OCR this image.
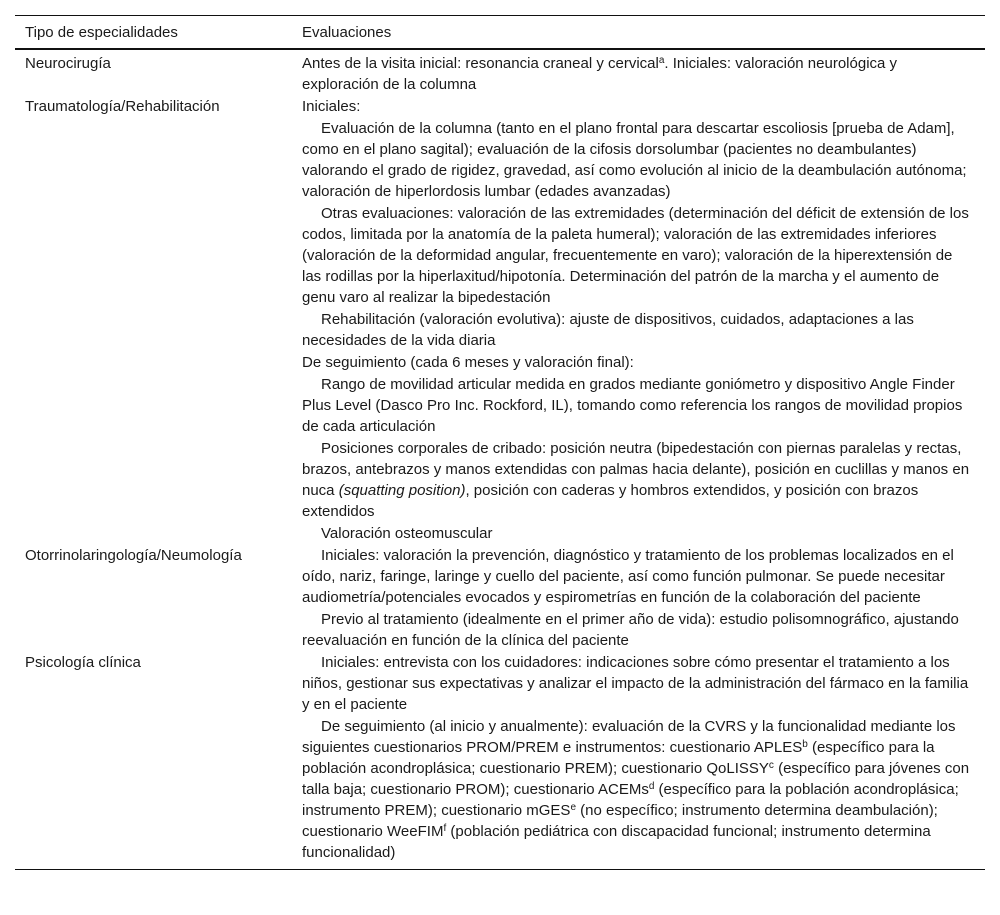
Tipo de especialidades	Evaluaciones
Neurocirugía	Antes de la visita inicial: resonancia craneal y cervical$^a$. Iniciales: valoración neurológica y exploración de la columna

Traumatología/Rehabilitación	Iniciales:
Evaluación de la columna (tanto en el plano frontal para descartar escoliosis [prueba de Adam], como en el plano sagital); evaluación de la cifosis dorsolumbar (pacientes no deambulantes) valorando el grado de rigidez, gravedad, así como evolución al inicio de la deambulación autónoma; valoración de hiperlordosis lumbar (edades avanzadas)
Otras evaluaciones: valoración de las extremidades (determinación del déficit de extensión de los codos, limitada por la anatomía de la paleta humeral); valoración de las extremidades inferiores (valoración de la deformidad angular, frecuentemente en varo); valoración de la hiperextensión de las rodillas por la hiperlaxitud/hipotonía. Determinación del patrón de la marcha y el aumento de genu varo al realizar la bipedestación
Rehabilitación (valoración evolutiva): ajuste de dispositivos, cuidados, adaptaciones a las necesidades de la vida diaria
De seguimiento (cada 6 meses y valoración final):
Rango de movilidad articular medida en grados mediante goniómetro y dispositivo Angle Finder Plus Level (Dasco Pro Inc. Rockford, IL), tomando como referencia los rangos de movilidad propios de cada articulación
Posiciones corporales de cribado: posición neutra (bipedestación con piernas paralelas y rectas, brazos, antebrazos y manos extendidas con palmas hacia delante), posición en cuclillas y manos en nuca (squatting position), posición con caderas y hombros extendidos, y posición con brazos extendidos
Valoración osteomuscular

Otorrinolaringología/Neumología	Iniciales: valoración la prevención, diagnóstico y tratamiento de los problemas localizados en el oído, nariz, faringe, laringe y cuello del paciente, así como función pulmonar. Se puede necesitar audiometría/potenciales evocados y espirometrías en función de la colaboración del paciente
Previo al tratamiento (idealmente en el primer año de vida): estudio polisomnográfico, ajustando reevaluación en función de la clínica del paciente

Psicología clínica	Iniciales: entrevista con los cuidadores: indicaciones sobre cómo presentar el tratamiento a los niños, gestionar sus expectativas y analizar el impacto de la administración del fármaco en la familia y en el paciente
De seguimiento (al inicio y anualmente): evaluación de la CVRS y la funcionalidad mediante los siguientes cuestionarios PROM/PREM e instrumentos: cuestionario APLES$^b$ (específico para la población acondroplásica; cuestionario PREM); cuestionario QoLISSY$^c$ (específico para jóvenes con talla baja; cuestionario PROM); cuestionario ACEMs$^d$ (específico para la población acondroplásica; instrumento PREM); cuestionario mGES$^e$ (no específico; instrumento determina deambulación); cuestionario WeeFIM$^f$ (población pediátrica con discapacidad funcional; instrumento determina funcionalidad)
